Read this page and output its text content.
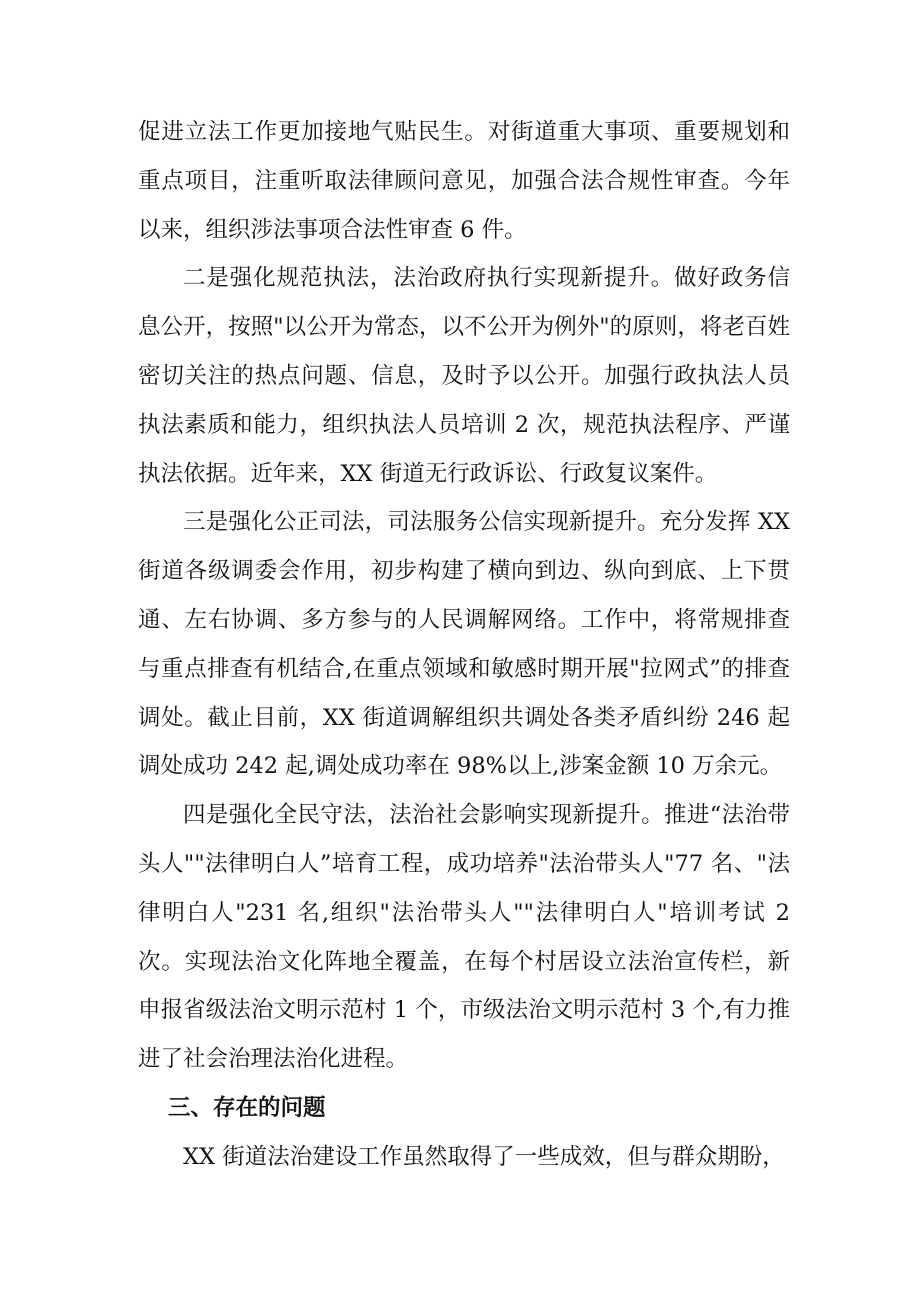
促进立法工作更加接地气贴民生。对街道重大事项、重要规划和重点项目，注重听取法律顾问意见，加强合法合规性审查。今年以来，组织涉法事项合法性审查 6 件。

二是强化规范执法，法治政府执行实现新提升。做好政务信息公开，按照"以公开为常态，以不公开为例外"的原则，将老百姓密切关注的热点问题、信息，及时予以公开。加强行政执法人员执法素质和能力，组织执法人员培训 2 次，规范执法程序、严谨执法依据。近年来，XX 街道无行政诉讼、行政复议案件。

三是强化公正司法，司法服务公信实现新提升。充分发挥 XX 街道各级调委会作用，初步构建了横向到边、纵向到底、上下贯通、左右协调、多方参与的人民调解网络。工作中，将常规排查与重点排查有机结合,在重点领域和敏感时期开展"拉网式”的排查调处。截止目前，XX 街道调解组织共调处各类矛盾纠纷 246 起调处成功 242 起,调处成功率在 98%以上,涉案金额 10 万余元。

四是强化全民守法，法治社会影响实现新提升。推进“法治带头人""法律明白人”培育工程，成功培养"法治带头人"77 名、"法律明白人"231 名,组织"法治带头人""法律明白人"培训考试 2 次。实现法治文化阵地全覆盖，在每个村居设立法治宣传栏，新申报省级法治文明示范村 1 个，市级法治文明示范村 3 个,有力推进了社会治理法治化进程。

三、存在的问题

XX 街道法治建设工作虽然取得了一些成效，但与群众期盼，
